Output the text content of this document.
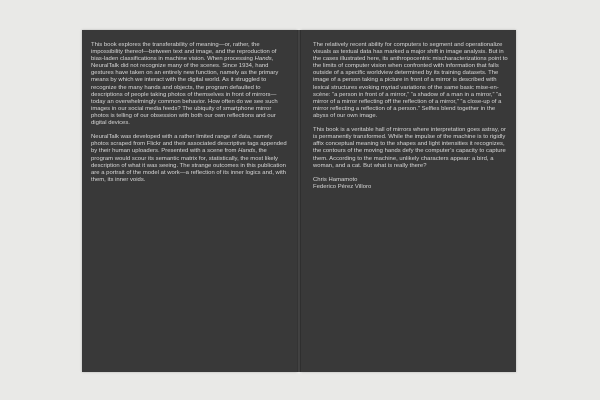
This book explores the transferability of meaning—or, rather, the impossibility thereof—between text and image, and the reproduction of bias-laden classifications in machine vision. When processing Hands, NeuralTalk did not recognize many of the scenes. Since 1934, hand gestures have taken on an entirely new function, namely as the primary means by which we interact with the digital world. As it struggled to recognize the many hands and objects, the program defaulted to descriptions of people taking photos of themselves in front of mirrors—today an overwhelmingly common behavior. How often do we see such images in our social media feeds? The ubiquity of smartphone mirror photos is telling of our obsession with both our own reflections and our digital devices.

NeuralTalk was developed with a rather limited range of data, namely photos scraped from Flickr and their associated descriptive tags appended by their human uploaders. Presented with a scene from Hands, the program would scour its semantic matrix for, statistically, the most likely description of what it was seeing. The strange outcomes in this publication are a portrait of the model at work—a reflection of its inner logics and, with them, its inner voids.

The relatively recent ability for computers to segment and operationalize visuals as textual data has marked a major shift in image analysis. But in the cases illustrated here, its anthropocentric mischaracterizations point to the limits of computer vision when confronted with information that falls outside of a specific worldview determined by its training datasets. The image of a person taking a picture in front of a mirror is described with lexical structures evoking myriad variations of the same basic mise-en-scène: “a person in front of a mirror,” “a shadow of a man in a mirror,” “a mirror of a mirror reflecting off the reflection of a mirror,” “a close-up of a mirror reflecting a reflection of a person.” Selfies blend together in the abyss of our own image.

This book is a veritable hall of mirrors where interpretation goes astray, or is permanently transformed. While the impulse of the machine is to rigidly affix conceptual meaning to the shapes and light intensities it recognizes, the contours of the moving hands defy the computer’s capacity to capture them. According to the machine, unlikely characters appear: a bird, a woman, and a cat. But what is really there?

Chris Hamamoto
Federico Pérez Villoro
